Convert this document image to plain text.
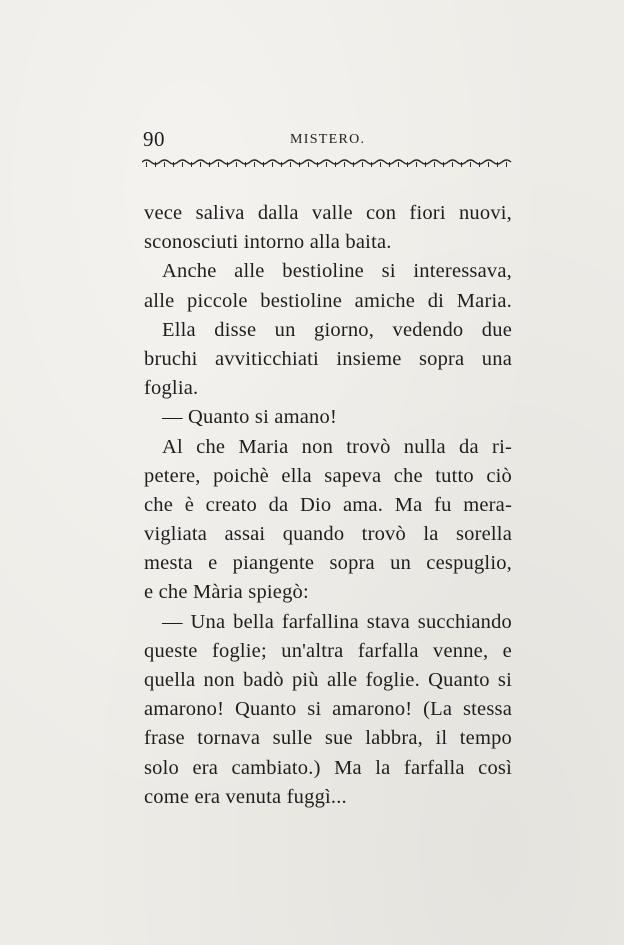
90	MISTERO.
vece saliva dalla valle con fiori nuovi,
sconosciuti intorno alla baita.
Anche alle bestioline si interessava,
alle piccole bestioline amiche di Maria.
Ella disse un giorno, vedendo due
bruchi avviticchiati insieme sopra una
foglia.
— Quanto si amano!
Al che Maria non trovò nulla da ri-
petere, poichè ella sapeva che tutto ciò
che è creato da Dio ama. Ma fu mera-
vigliata assai quando trovò la sorella
mesta e piangente sopra un cespuglio,
e che Mària spiegò:
— Una bella farfallina stava succhiando
queste foglie; un'altra farfalla venne, e
quella non badò più alle foglie. Quanto si
amarono! Quanto si amarono! (La stessa
frase tornava sulle sue labbra, il tempo
solo era cambiato.) Ma la farfalla così
come era venuta fuggì...
